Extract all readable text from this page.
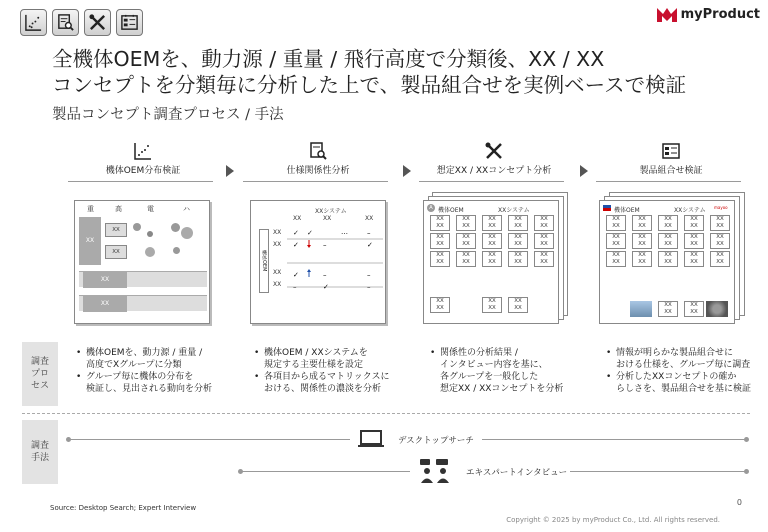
myProduct
全機体OEMを、動力源 / 重量 / 飛行高度で分類後、XX / XX
コンセプトを分類毎に分析した上で、製品組合せを実例ベースで検証
製品コンセプト調査プロセス / 手法
機体OEM分布検証	仕様関係性分析	想定XX / XXコンセプト分析	製品組合せ検証
重	高	電	ハ
XX
XX
XX
XX
XX
XXシステム
XX	XX	XX
機体OEM
XX
XX
XX
XX
✓ ✓	…	–
✓	–	✓
✓	–	–
–	✓	–
A 機体OEM	XXシステム
XX
XX
XX
XX
XX
XX
XX
XX
XX
XX
XX
XX
XX
XX
XX
XX
XX
XX
XX
XX
XX
XX
XX
XX
XX
XX
XX
XX
XX
XX
XX
XX
XX
XX
XX
XX
機体OEM	XXシステム mayoo
XX
XX
XX
XX
XX
XX
XX
XX
XX
XX
XX
XX
XX
XX
XX
XX
XX
XX
XX
XX
XX
XX
XX
XX
XX
XX
XX
XX
XX
XX
XX
XX
XX
XX
調査
プロ
セス
• 機体OEMを、動力源 / 重量 /
高度でXグループに分類
• グループ毎に機体の分布を
検証し、見出される動向を分析
• 機体OEM / XXシステムを
規定する主要仕様を設定
• 各項目から成るマトリックスに
おける、関係性の濃淡を分析
• 関係性の分析結果 /
インタビュー内容を基に、
各グループを一般化した
想定XX / XXコンセプトを分析
• 情報が明らかな製品組合せに
おける仕様を、グループ毎に調査
• 分析したXXコンセプトの確か
らしさを、製品組合せを基に検証
調査
手法
デスクトップサーチ
エキスパートインタビュー
Source: Desktop Search; Expert Interview
0
Copyright © 2025 by myProduct Co., Ltd. All rights reserved.
